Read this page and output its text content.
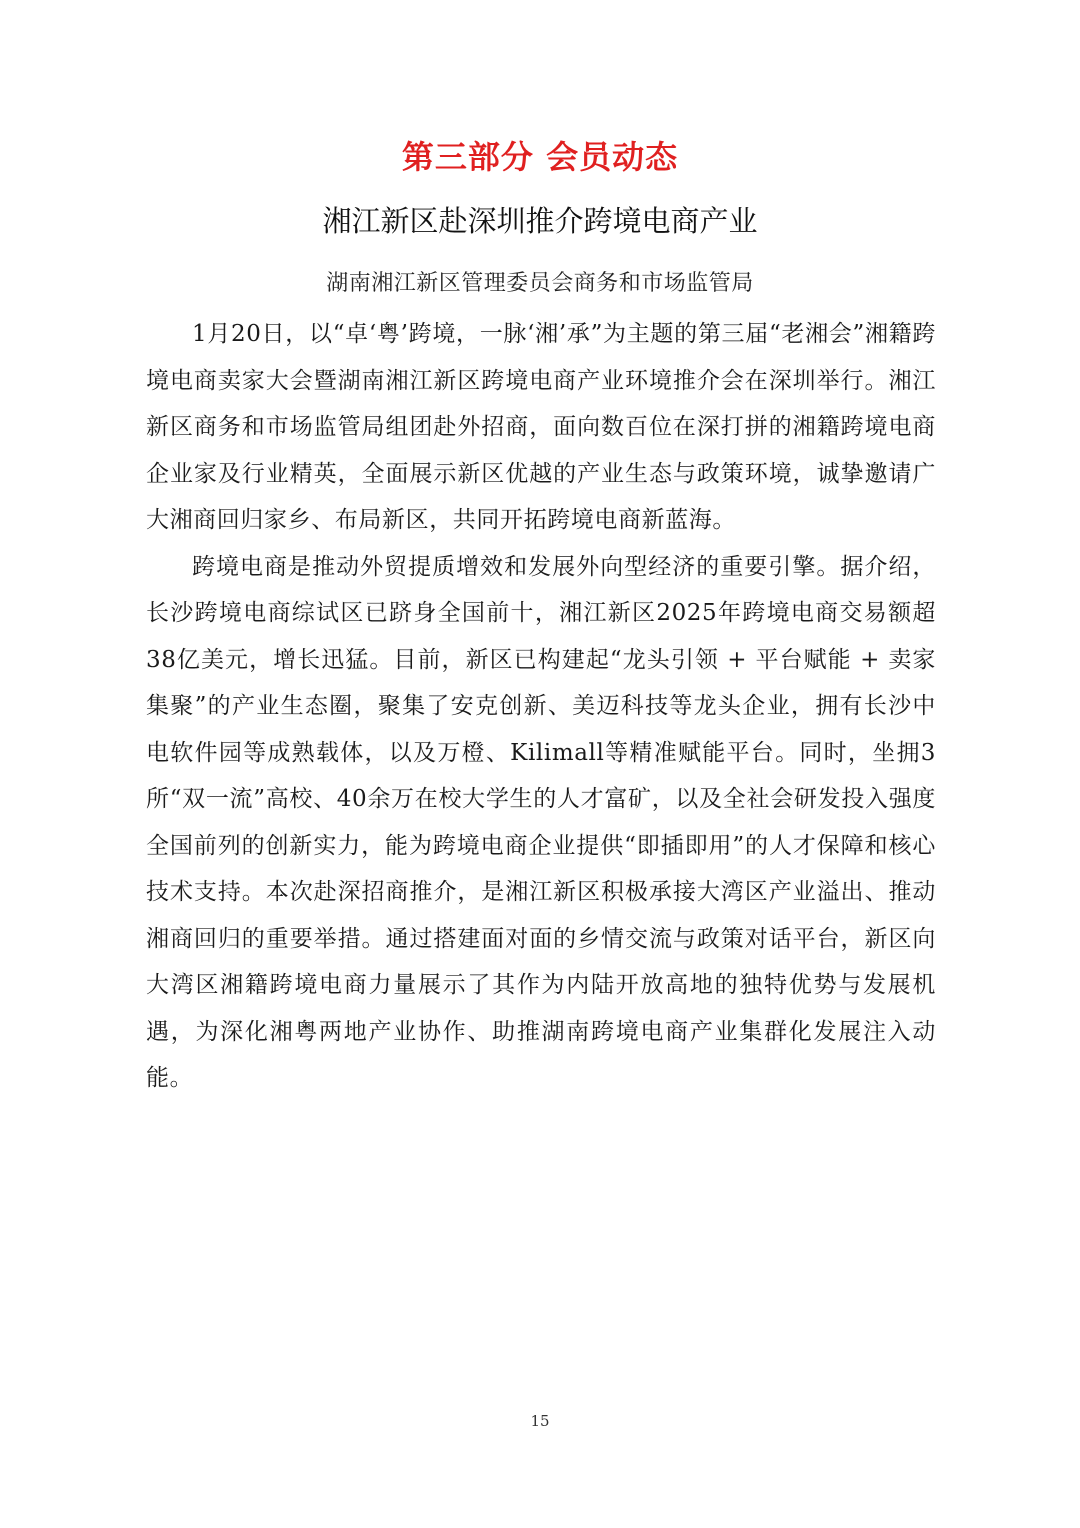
第三部分 会员动态
湘江新区赴深圳推介跨境电商产业
湖南湘江新区管理委员会商务和市场监管局

1月20日，以“卓‘粤’跨境，一脉‘湘’承”为主题的第三届“老湘会”湘籍跨境电商卖家大会暨湖南湘江新区跨境电商产业环境推介会在深圳举行。湘江新区商务和市场监管局组团赴外招商，面向数百位在深打拼的湘籍跨境电商企业家及行业精英，全面展示新区优越的产业生态与政策环境，诚挚邀请广大湘商回归家乡、布局新区，共同开拓跨境电商新蓝海。

跨境电商是推动外贸提质增效和发展外向型经济的重要引擎。据介绍，长沙跨境电商综试区已跻身全国前十，湘江新区2025年跨境电商交易额超38亿美元，增长迅猛。目前，新区已构建起“龙头引领 + 平台赋能 + 卖家集聚”的产业生态圈，聚集了安克创新、美迈科技等龙头企业，拥有长沙中电软件园等成熟载体，以及万橙、Kilimall等精准赋能平台。同时，坐拥3所“双一流”高校、40余万在校大学生的人才富矿，以及全社会研发投入强度全国前列的创新实力，能为跨境电商企业提供“即插即用”的人才保障和核心技术支持。本次赴深招商推介，是湘江新区积极承接大湾区产业溢出、推动湘商回归的重要举措。通过搭建面对面的乡情交流与政策对话平台，新区向大湾区湘籍跨境电商力量展示了其作为内陆开放高地的独特优势与发展机遇，为深化湘粤两地产业协作、助推湖南跨境电商产业集群化发展注入动能。

15
